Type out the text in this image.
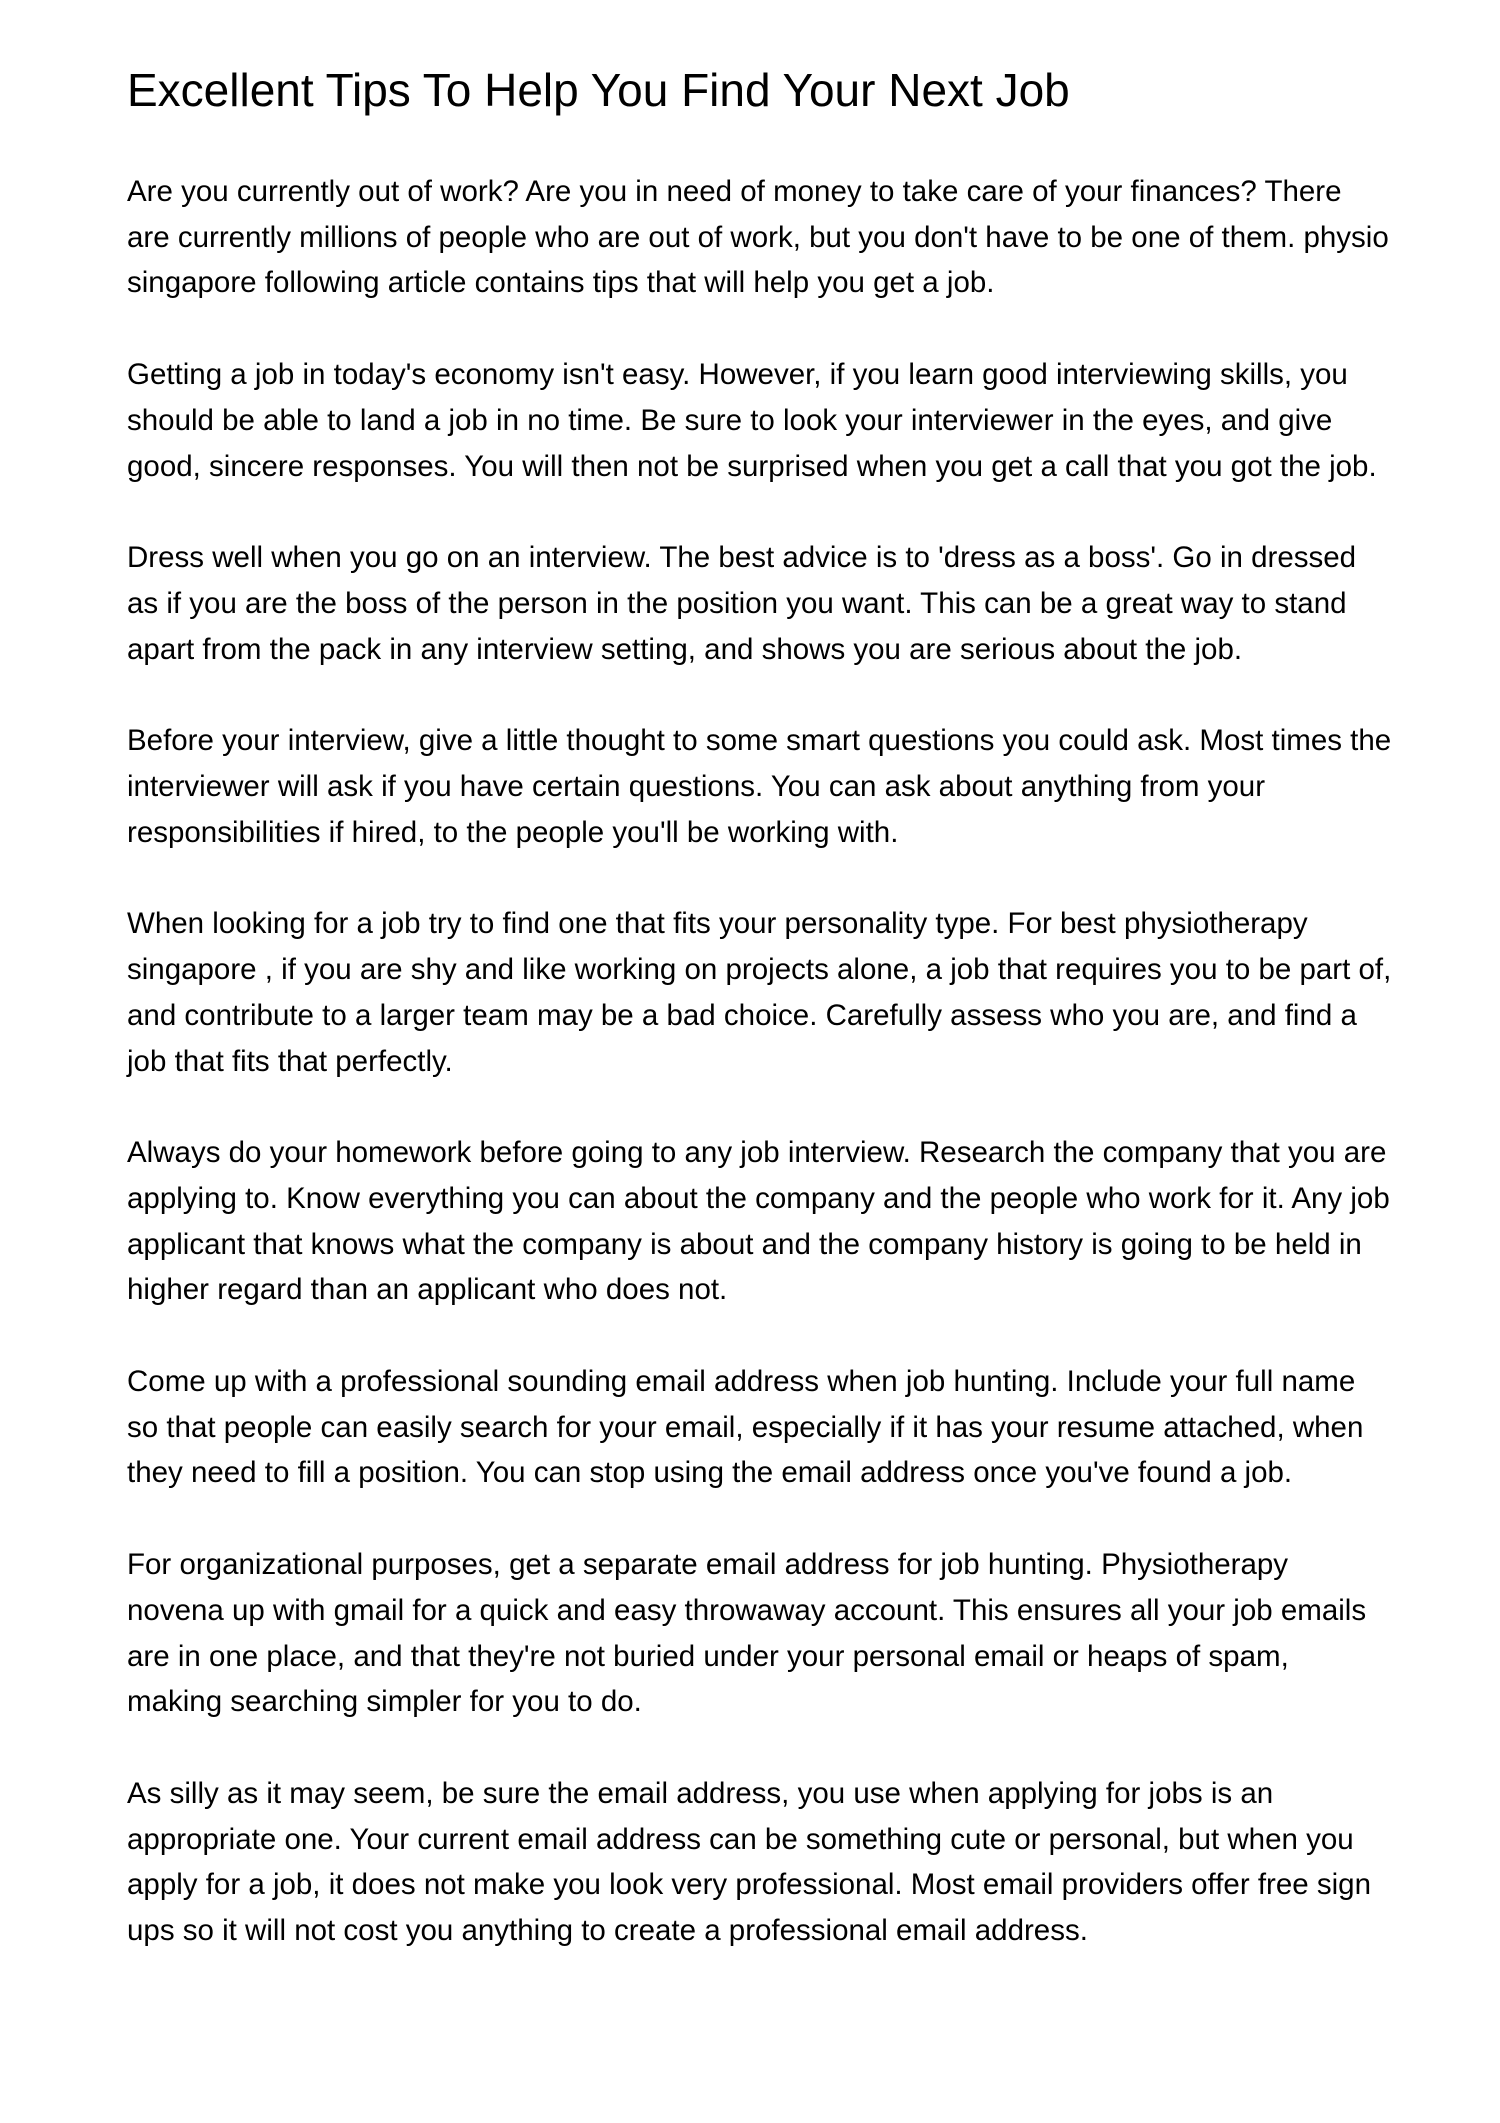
Excellent Tips To Help You Find Your Next Job

Are you currently out of work? Are you in need of money to take care of your finances? There are currently millions of people who are out of work, but you don't have to be one of them. physio singapore following article contains tips that will help you get a job.

Getting a job in today's economy isn't easy. However, if you learn good interviewing skills, you should be able to land a job in no time. Be sure to look your interviewer in the eyes, and give good, sincere responses. You will then not be surprised when you get a call that you got the job.

Dress well when you go on an interview. The best advice is to 'dress as a boss'. Go in dressed as if you are the boss of the person in the position you want. This can be a great way to stand apart from the pack in any interview setting, and shows you are serious about the job.

Before your interview, give a little thought to some smart questions you could ask. Most times the interviewer will ask if you have certain questions. You can ask about anything from your responsibilities if hired, to the people you'll be working with.

When looking for a job try to find one that fits your personality type. For best physiotherapy singapore , if you are shy and like working on projects alone, a job that requires you to be part of, and contribute to a larger team may be a bad choice. Carefully assess who you are, and find a job that fits that perfectly.

Always do your homework before going to any job interview. Research the company that you are applying to. Know everything you can about the company and the people who work for it. Any job applicant that knows what the company is about and the company history is going to be held in higher regard than an applicant who does not.

Come up with a professional sounding email address when job hunting. Include your full name so that people can easily search for your email, especially if it has your resume attached, when they need to fill a position. You can stop using the email address once you've found a job.

For organizational purposes, get a separate email address for job hunting. Physiotherapy novena up with gmail for a quick and easy throwaway account. This ensures all your job emails are in one place, and that they're not buried under your personal email or heaps of spam, making searching simpler for you to do.

As silly as it may seem, be sure the email address, you use when applying for jobs is an appropriate one. Your current email address can be something cute or personal, but when you apply for a job, it does not make you look very professional. Most email providers offer free sign ups so it will not cost you anything to create a professional email address.
